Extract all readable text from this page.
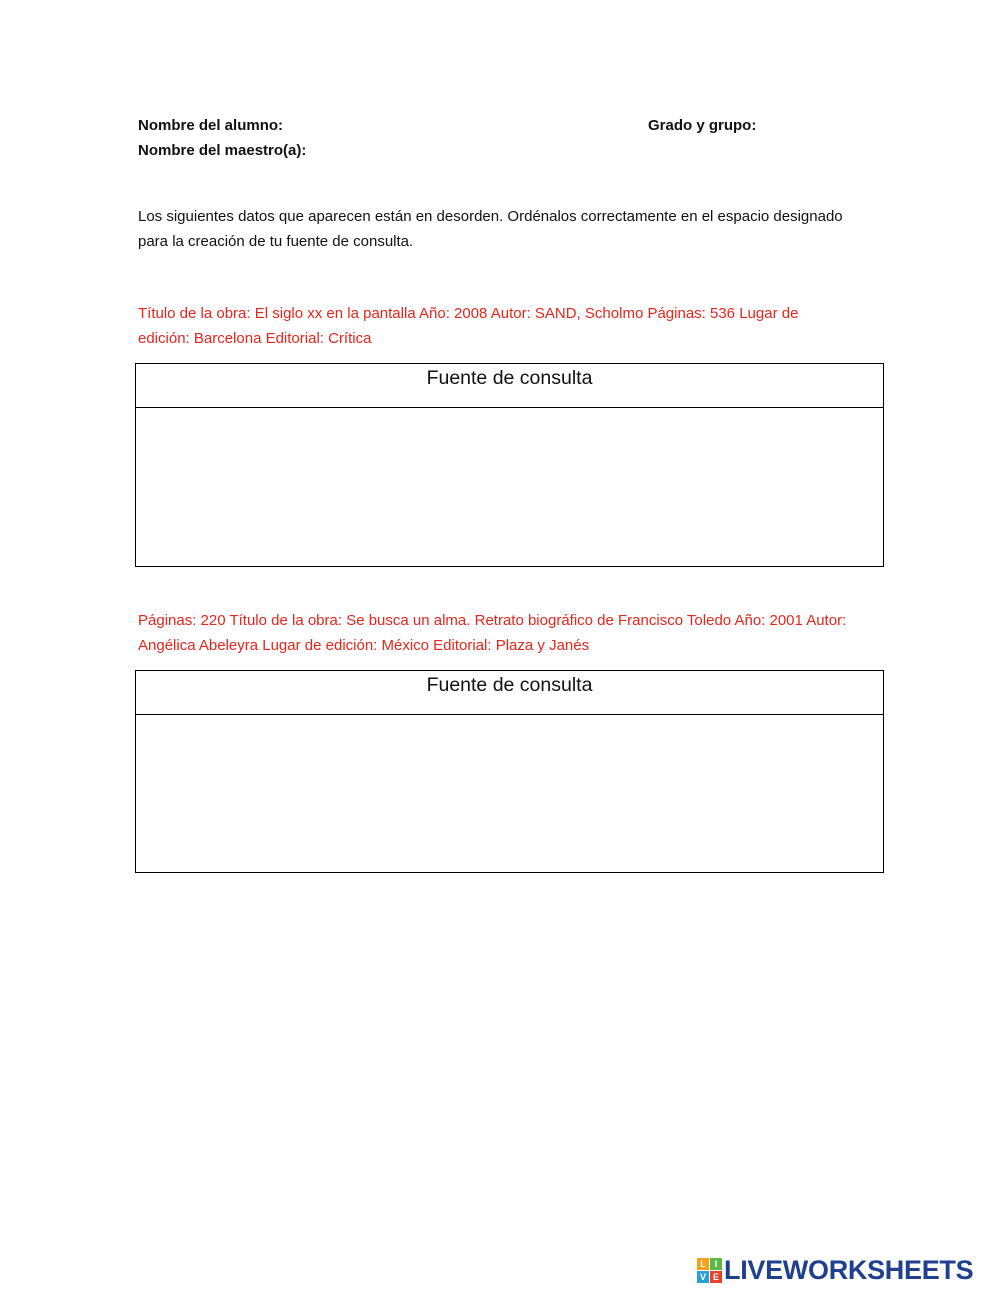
Nombre del alumno:	Grado y grupo:
Nombre del maestro(a):
Los siguientes datos que aparecen están en desorden. Ordénalos correctamente en el espacio designado para la creación de tu fuente de consulta.
Título de la obra: El siglo xx en la pantalla Año: 2008 Autor: SAND, Scholmo Páginas: 536 Lugar de edición: Barcelona Editorial: Crítica
Fuente de consulta
Páginas: 220 Título de la obra: Se busca un alma. Retrato biográfico de Francisco Toledo Año: 2001 Autor: Angélica Abeleyra Lugar de edición: México Editorial: Plaza y Janés
Fuente de consulta
L I
V E LIVEWORKSHEETS
